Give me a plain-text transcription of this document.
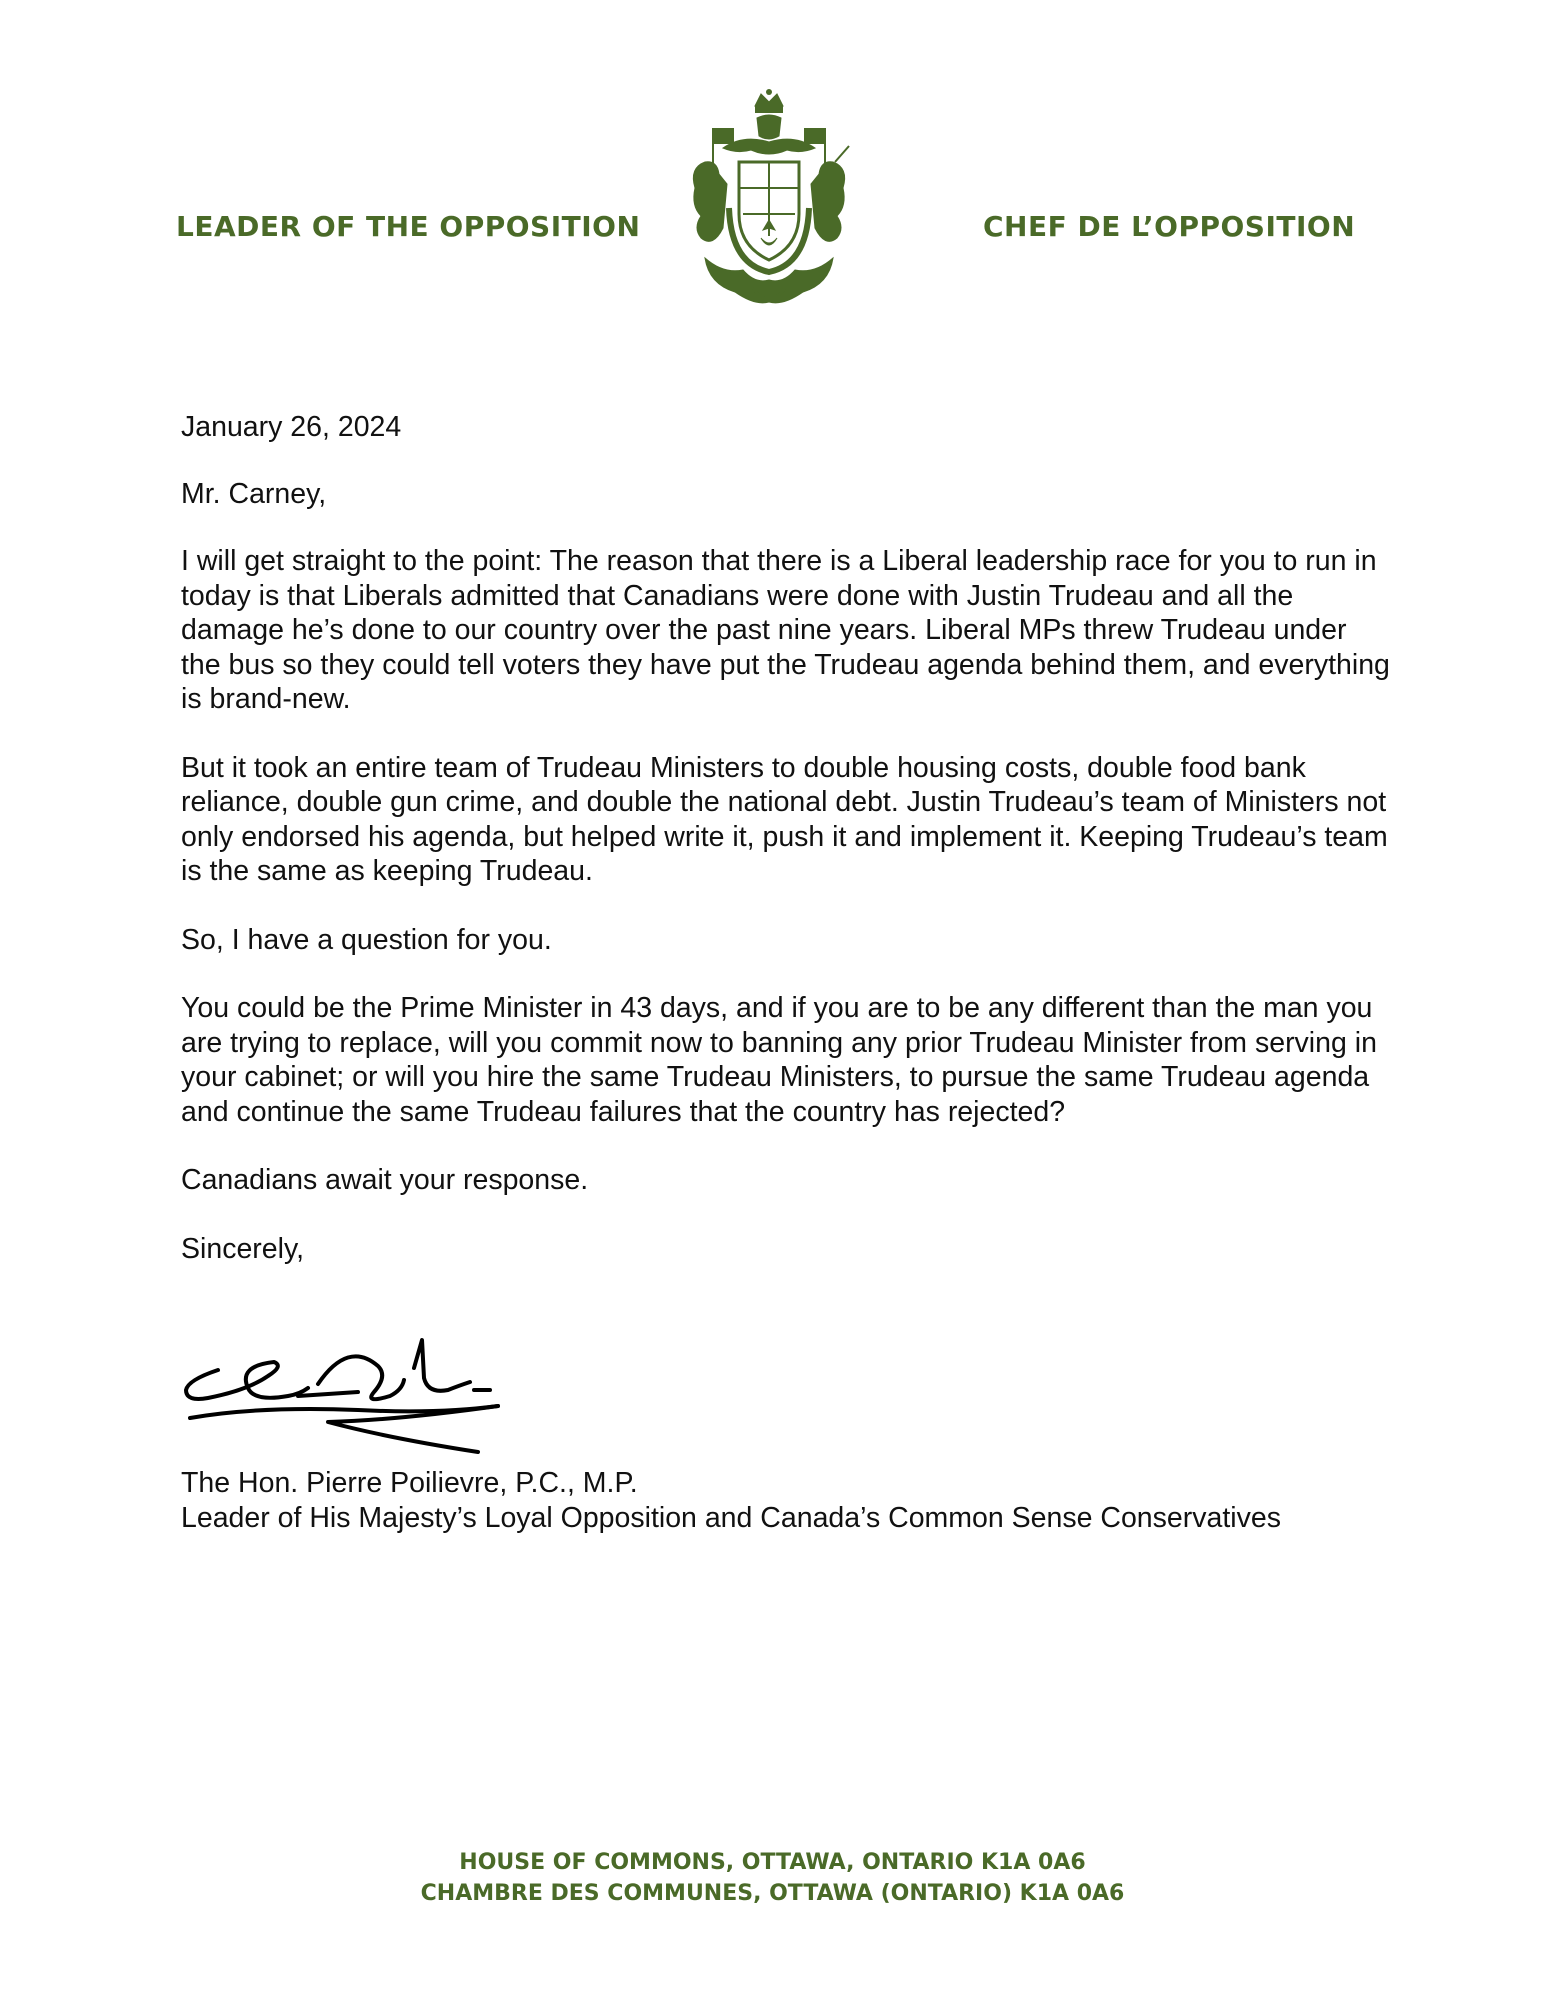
LEADER OF THE OPPOSITION	CHEF DE L’OPPOSITION

January 26, 2024

Mr. Carney,

I will get straight to the point: The reason that there is a Liberal leadership race for you to run in today is that Liberals admitted that Canadians were done with Justin Trudeau and all the damage he’s done to our country over the past nine years. Liberal MPs threw Trudeau under the bus so they could tell voters they have put the Trudeau agenda behind them, and everything is brand-new.

But it took an entire team of Trudeau Ministers to double housing costs, double food bank reliance, double gun crime, and double the national debt. Justin Trudeau’s team of Ministers not only endorsed his agenda, but helped write it, push it and implement it. Keeping Trudeau’s team is the same as keeping Trudeau.

So, I have a question for you.

You could be the Prime Minister in 43 days, and if you are to be any different than the man you are trying to replace, will you commit now to banning any prior Trudeau Minister from serving in your cabinet; or will you hire the same Trudeau Ministers, to pursue the same Trudeau agenda and continue the same Trudeau failures that the country has rejected?

Canadians await your response.

Sincerely,

The Hon. Pierre Poilievre, P.C., M.P.

Leader of His Majesty’s Loyal Opposition and Canada’s Common Sense Conservatives

HOUSE OF COMMONS, OTTAWA, ONTARIO K1A 0A6

CHAMBRE DES COMMUNES, OTTAWA (ONTARIO) K1A 0A6
